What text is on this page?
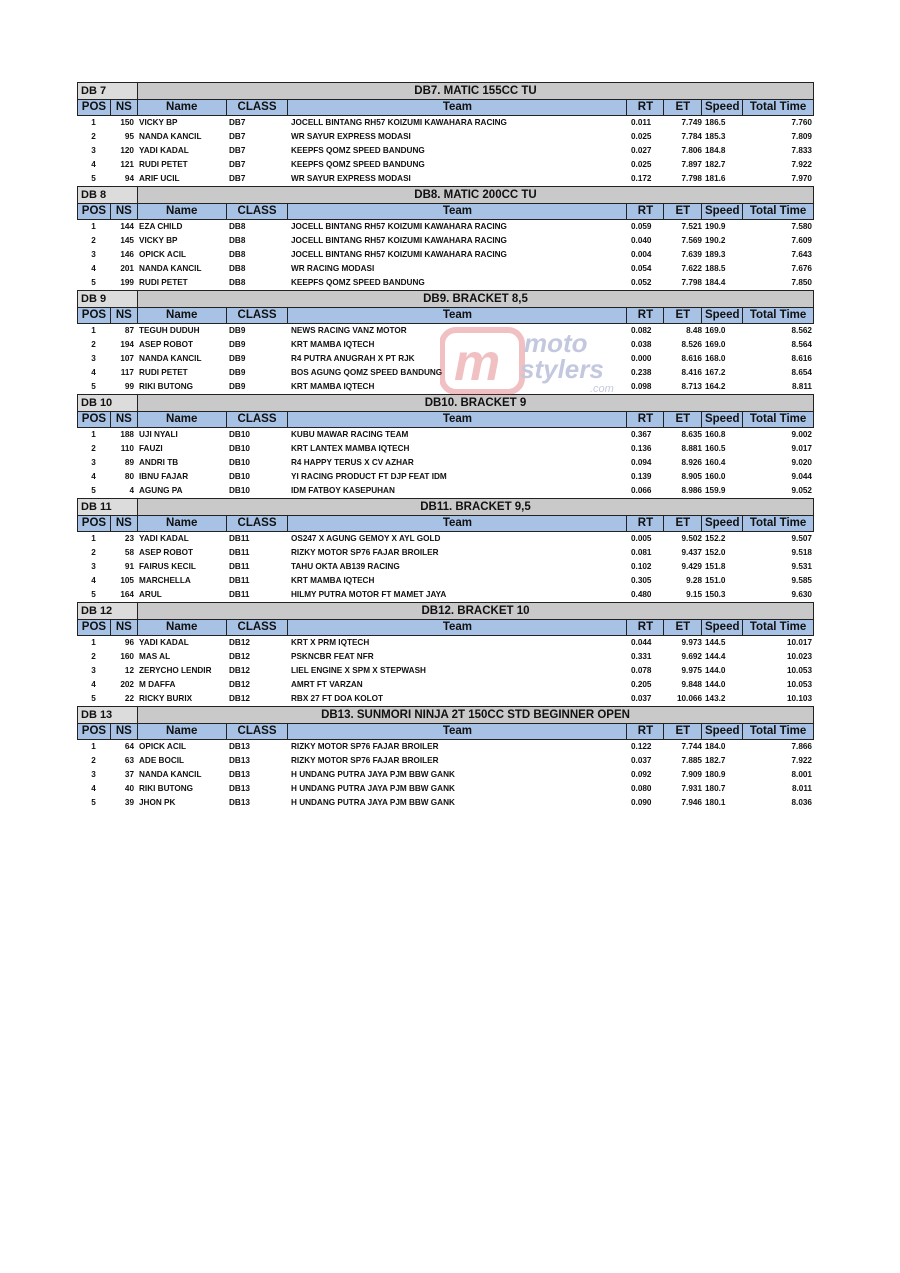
DB 7	DB7. MATIC 155CC TU
POS NS	Name	CLASS	Team	RT	ET	Speed Total Time
1	150 VICKY BP	DB7	JOCELL BINTANG RH57 KOIZUMI KAWAHARA RACING	0.011	7.749 186.5	7.760
2	95 NANDA KANCIL	DB7	WR SAYUR EXPRESS MODASI	0.025	7.784 185.3	7.809
3	120 YADI KADAL	DB7	KEEPFS QOMZ SPEED BANDUNG	0.027	7.806 184.8	7.833
4	121 RUDI PETET	DB7	KEEPFS QOMZ SPEED BANDUNG	0.025	7.897 182.7	7.922
5	94 ARIF UCIL	DB7	WR SAYUR EXPRESS MODASI	0.172	7.798 181.6	7.970
DB 8	DB8. MATIC 200CC TU
POS NS	Name	CLASS	Team	RT	ET	Speed Total Time
1	144 EZA CHILD	DB8	JOCELL BINTANG RH57 KOIZUMI KAWAHARA RACING	0.059	7.521 190.9	7.580
2	145 VICKY BP	DB8	JOCELL BINTANG RH57 KOIZUMI KAWAHARA RACING	0.040	7.569 190.2	7.609
3	146 OPICK ACIL	DB8	JOCELL BINTANG RH57 KOIZUMI KAWAHARA RACING	0.004	7.639 189.3	7.643
4	201 NANDA KANCIL	DB8	WR RACING MODASI	0.054	7.622 188.5	7.676
5	199 RUDI PETET	DB8	KEEPFS QOMZ SPEED BANDUNG	0.052	7.798 184.4	7.850
DB 9	DB9. BRACKET 8,5
POS NS	Name	CLASS	Team	RT	ET	Speed Total Time
1	87 TEGUH DUDUH	DB9	NEWS RACING VANZ MOTOR	0.082	8.48 169.0	8.562
2	194 ASEP ROBOT	DB9	KRT MAMBA IQTECH	0.038	8.526 169.0	8.564
3	107 NANDA KANCIL	DB9	R4 PUTRA ANUGRAH X PT RJK	0.000	8.616 168.0	8.616
4	117 RUDI PETET	DB9	BOS AGUNG QOMZ SPEED BANDUNG	0.238	8.416 167.2	8.654
5	99 RIKI BUTONG	DB9	KRT MAMBA IQTECH	0.098	8.713 164.2	8.811
DB 10	DB10. BRACKET 9
POS NS	Name	CLASS	Team	RT	ET	Speed Total Time
1	188 UJI NYALI	DB10	KUBU MAWAR RACING TEAM	0.367	8.635 160.8	9.002
2	110 FAUZI	DB10	KRT LANTEX MAMBA IQTECH	0.136	8.881 160.5	9.017
3	89 ANDRI TB	DB10	R4 HAPPY TERUS X CV AZHAR	0.094	8.926 160.4	9.020
4	80 IBNU FAJAR	DB10	YI RACING PRODUCT FT DJP FEAT IDM	0.139	8.905 160.0	9.044
5	4 AGUNG PA	DB10	IDM FATBOY KASEPUHAN	0.066	8.986 159.9	9.052
DB 11	DB11. BRACKET 9,5
POS NS	Name	CLASS	Team	RT	ET	Speed Total Time
1	23 YADI KADAL	DB11	OS247 X AGUNG GEMOY X AYL GOLD	0.005	9.502 152.2	9.507
2	58 ASEP ROBOT	DB11	RIZKY MOTOR SP76 FAJAR BROILER	0.081	9.437 152.0	9.518
3	91 FAIRUS KECIL	DB11	TAHU OKTA AB139 RACING	0.102	9.429 151.8	9.531
4	105 MARCHELLA	DB11	KRT MAMBA IQTECH	0.305	9.28 151.0	9.585
5	164 ARUL	DB11	HILMY PUTRA MOTOR FT MAMET JAYA	0.480	9.15 150.3	9.630
DB 12	DB12. BRACKET 10
POS NS	Name	CLASS	Team	RT	ET	Speed Total Time
1	96 YADI KADAL	DB12	KRT X PRM IQTECH	0.044	9.973 144.5	10.017
2	160 MAS AL	DB12	PSKNCBR FEAT NFR	0.331	9.692 144.4	10.023
3	12 ZERYCHO LENDIR	DB12	LIEL ENGINE X SPM X STEPWASH	0.078	9.975 144.0	10.053
4	202 M DAFFA	DB12	AMRT FT VARZAN	0.205	9.848 144.0	10.053
5	22 RICKY BURIX	DB12	RBX 27 FT DOA KOLOT	0.037	10.066 143.2	10.103
DB 13	DB13. SUNMORI NINJA 2T 150CC STD BEGINNER OPEN
POS NS	Name	CLASS	Team	RT	ET	Speed Total Time
1	64 OPICK ACIL	DB13	RIZKY MOTOR SP76 FAJAR BROILER	0.122	7.744 184.0	7.866
2	63 ADE BOCIL	DB13	RIZKY MOTOR SP76 FAJAR BROILER	0.037	7.885 182.7	7.922
3	37 NANDA KANCIL	DB13	H UNDANG PUTRA JAYA PJM BBW GANK	0.092	7.909 180.9	8.001
4	40 RIKI BUTONG	DB13	H UNDANG PUTRA JAYA PJM BBW GANK	0.080	7.931 180.7	8.011
5	39 JHON PK	DB13	H UNDANG PUTRA JAYA PJM BBW GANK	0.090	7.946 180.1	8.036
m moto
stylers
.com
